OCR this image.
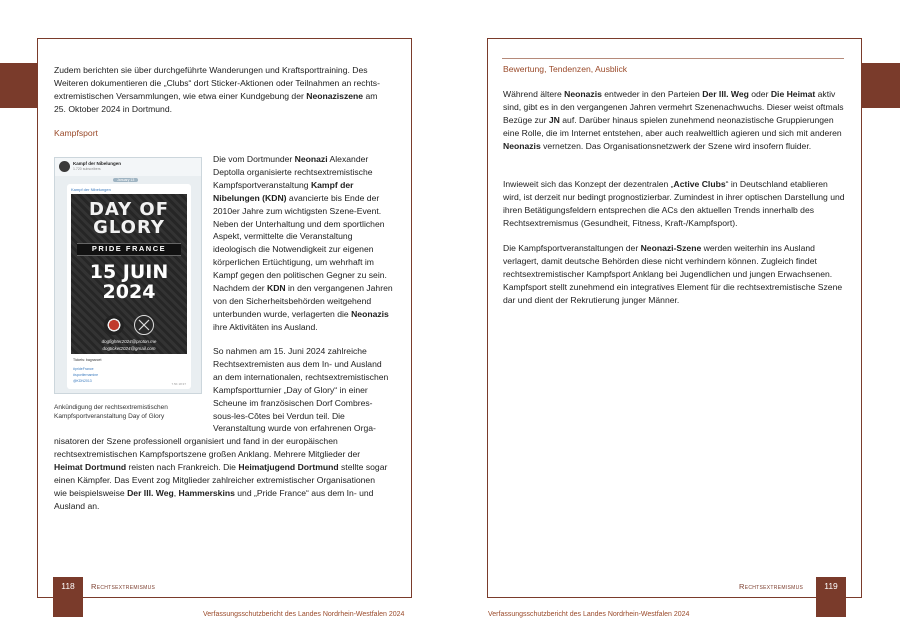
Zudem berichten sie über durchgeführte Wanderungen und Kraftsporttraining. Des Weiteren dokumentieren die „Clubs“ dort Sticker-Aktionen oder Teilnahmen an rechtsextremistischen Versammlungen, wie etwa einer Kundgebung der Neonaziszene am 25. Oktober 2024 in Dortmund.

Kampfsport

Kampf der Nibelungen
1.720 subscribers
January 13
Kampf der Nibelungen
DAY OF
GLORY
PRIDE FRANCE
15 JUIN
2024
dogfighter2024@proton.me
dogticket2024@gmail.com
Tickets: bagnarcet
#prideFrance
#sportlernamine
@KDN2013
7.5K 18:37

Ankündigung der rechtsextremistischen Kampfsportveranstaltung Day of Glory

Die vom Dortmunder Neonazi Alexander Deptolla organisierte rechtsextremistische Kampfsportveranstaltung Kampf der Nibelungen (KDN) avancierte bis Ende der 2010er Jahre zum wichtigsten Szene-Event. Neben der Unterhaltung und dem sportlichen Aspekt, vermittelte die Veranstaltung ideologisch die Notwendigkeit zur eigenen körperlichen Ertüchtigung, um wehrhaft im Kampf gegen den politischen Gegner zu sein. Nachdem der KDN in den vergangenen Jahren von den Sicherheitsbehörden weitgehend unterbunden wurde, verlagerten die Neonazis ihre Aktivitäten ins Ausland.

So nahmen am 15. Juni 2024 zahlreiche Rechtsextremisten aus dem In- und Ausland an dem internationalen, rechtsextremistischen Kampfsportturnier „Day of Glory“ in einer Scheune im französischen Dorf Combres-sous-les-Côtes bei Verdun teil. Die Veranstaltung wurde von erfahrenen Orga-

nisatoren der Szene professionell organisiert und fand in der europäischen rechtsextremistischen Kampfsportszene großen Anklang. Mehrere Mitglieder der Heimat Dortmund reisten nach Frankreich. Die Heimatjugend Dortmund stellte sogar einen Kämpfer. Das Event zog Mitglieder zahlreicher extremistischer Organisationen wie beispielsweise Der III. Weg, Hammerskins und „Pride France“ aus dem In- und Ausland an.

118	Rechtsextremismus
Verfassungsschutzbericht des Landes Nordrhein-Westfalen 2024

Bewertung, Tendenzen, Ausblick

Während ältere Neonazis entweder in den Parteien Der III. Weg oder Die Heimat aktiv sind, gibt es in den vergangenen Jahren vermehrt Szenenachwuchs. Dieser weist oftmals Bezüge zur JN auf. Darüber hinaus spielen zunehmend neonazistische Gruppierungen eine Rolle, die im Internet entstehen, aber auch realweltlich agieren und sich mit anderen Neonazis vernetzen. Das Organisationsnetzwerk der Szene wird insofern fluider.

Inwieweit sich das Konzept der dezentralen „Active Clubs“ in Deutschland etablieren wird, ist derzeit nur bedingt prognostizierbar. Zumindest in ihrer optischen Darstellung und ihren Betätigungsfeldern entsprechen die ACs den aktuellen Trends innerhalb des Rechtsextremismus (Gesundheit, Fitness, Kraft-/Kampfsport).

Die Kampfsportveranstaltungen der Neonazi-Szene werden weiterhin ins Ausland verlagert, damit deutsche Behörden diese nicht verhindern können. Zugleich findet rechtsextremistischer Kampfsport Anklang bei Jugendlichen und jungen Erwachsenen. Kampfsport stellt zunehmend ein integratives Element für die rechtsextremistische Szene dar und dient der Rekrutierung junger Männer.

Rechtsextremismus	119
Verfassungsschutzbericht des Landes Nordrhein-Westfalen 2024
